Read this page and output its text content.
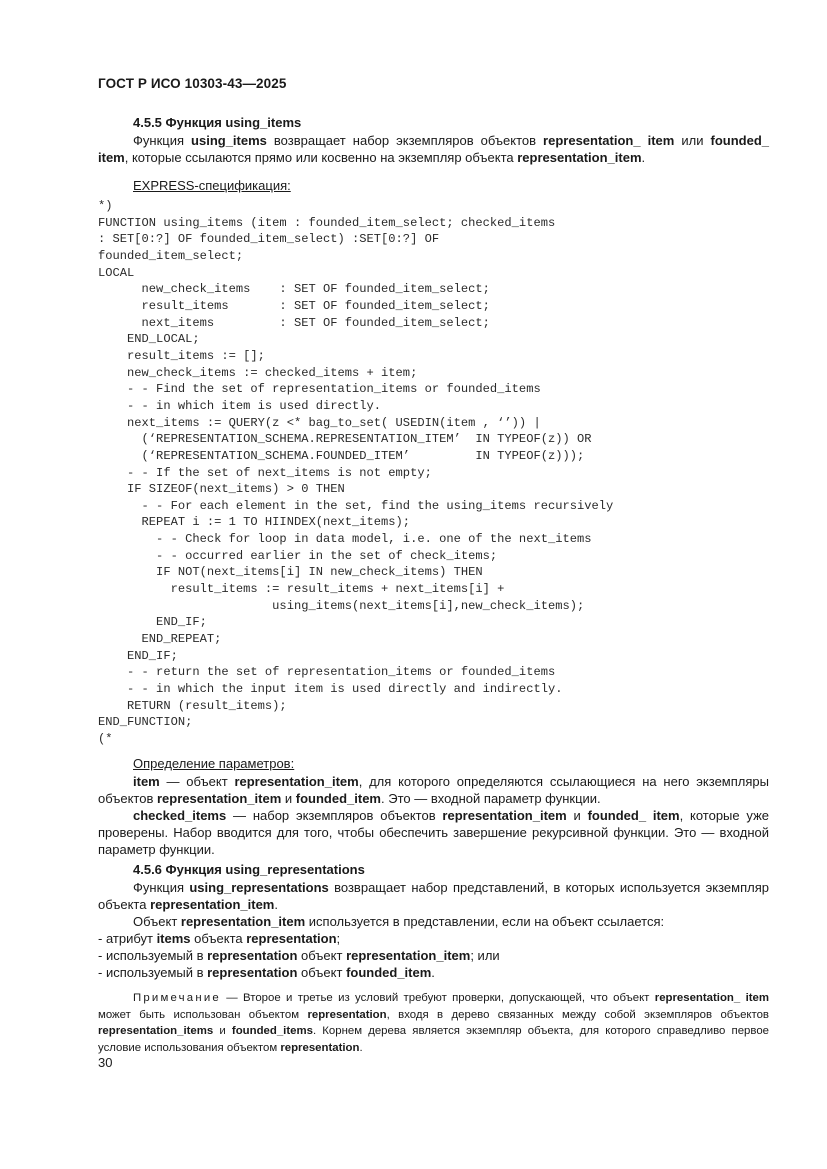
ГОСТ Р ИСО 10303-43—2025
4.5.5 Функция using_items

Функция using_items возвращает набор экземпляров объектов representation_ item или founded_ item, которые ссылаются прямо или косвенно на экземпляр объекта representation_item.

EXPRESS-спецификация:
*)
FUNCTION using_items (item : founded_item_select; checked_items
: SET[0:?] OF founded_item_select) :SET[0:?] OF
founded_item_select;
LOCAL
new_check_items    : SET OF founded_item_select;
result_items       : SET OF founded_item_select;
next_items         : SET OF founded_item_select;
END_LOCAL;
result_items := [];
new_check_items := checked_items + item;
- - Find the set of representation_items or founded_items
- - in which item is used directly.
next_items := QUERY(z <* bag_to_set( USEDIN(item , ‘’)) |
(‘REPRESENTATION_SCHEMA.REPRESENTATION_ITEM’  IN TYPEOF(z)) OR
(‘REPRESENTATION_SCHEMA.FOUNDED_ITEM’         IN TYPEOF(z)));
- - If the set of next_items is not empty;
IF SIZEOF(next_items) > 0 THEN
- - For each element in the set, find the using_items recursively
REPEAT i := 1 TO HIINDEX(next_items);
- - Check for loop in data model, i.e. one of the next_items
- - occurred earlier in the set of check_items;
IF NOT(next_items[i] IN new_check_items) THEN
result_items := result_items + next_items[i] +
using_items(next_items[i],new_check_items);
END_IF;
END_REPEAT;
END_IF;
- - return the set of representation_items or founded_items
- - in which the input item is used directly and indirectly.
RETURN (result_items);
END_FUNCTION;
(*

Определение параметров:

item — объект representation_item, для которого определяются ссылающиеся на него экземпляры объектов representation_item и founded_item. Это — входной параметр функции.

checked_items — набор экземпляров объектов representation_item и founded_ item, которые уже проверены. Набор вводится для того, чтобы обеспечить завершение рекурсивной функции. Это — входной параметр функции.

4.5.6 Функция using_representations

Функция using_representations возвращает набор представлений, в которых используется экземпляр объекта representation_item.

Объект representation_item используется в представлении, если на объект ссылается:

- атрибут items объекта representation;

- используемый в representation объект representation_item; или

- используемый в representation объект founded_item.

Примечание — Второе и третье из условий требуют проверки, допускающей, что объект representation_ item может быть использован объектом representation, входя в дерево связанных между собой экземпляров объектов representation_items и founded_items. Корнем дерева является экземпляр объекта, для которого справедливо первое условие использования объектом representation.
30
